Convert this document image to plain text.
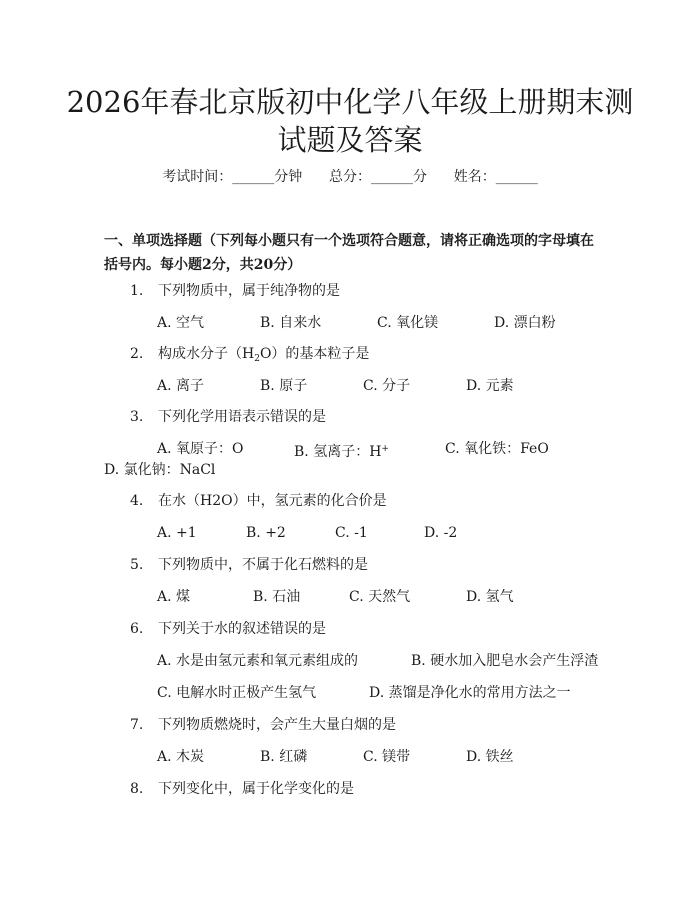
2026年春北京版初中化学八年级上册期末测
试题及答案
考试时间：______分钟 总分：______分 姓名：______
一、单项选择题（下列每小题只有一个选项符合题意，请将正确选项的字母填在
括号内。每小题2分，共20分）
1. 下列物质中，属于纯净物的是
A. 空气	B. 自来水	C. 氧化镁	D. 漂白粉
2. 构成水分子$(H_2O)$的基本粒子是
A. 离子	B. 原子	C. 分子	D. 元素
3. 下列化学用语表示错误的是
A. 氧原子：O	B. 氢离子：H+	C. 氧化铁：FeO
D. 氯化钠：NaCl
4. 在水（H2O）中，氢元素的化合价是
A. +1	B. +2	C. -1	D. -2
5. 下列物质中，不属于化石燃料的是
A. 煤	B. 石油	C. 天然气	D. 氢气
6. 下列关于水的叙述错误的是
A. 水是由氢元素和氧元素组成的	B. 硬水加入肥皂水会产生浮渣
C. 电解水时正极产生氢气	D. 蒸馏是净化水的常用方法之一
7. 下列物质燃烧时，会产生大量白烟的是
A. 木炭	B. 红磷	C. 镁带	D. 铁丝
8. 下列变化中，属于化学变化的是
